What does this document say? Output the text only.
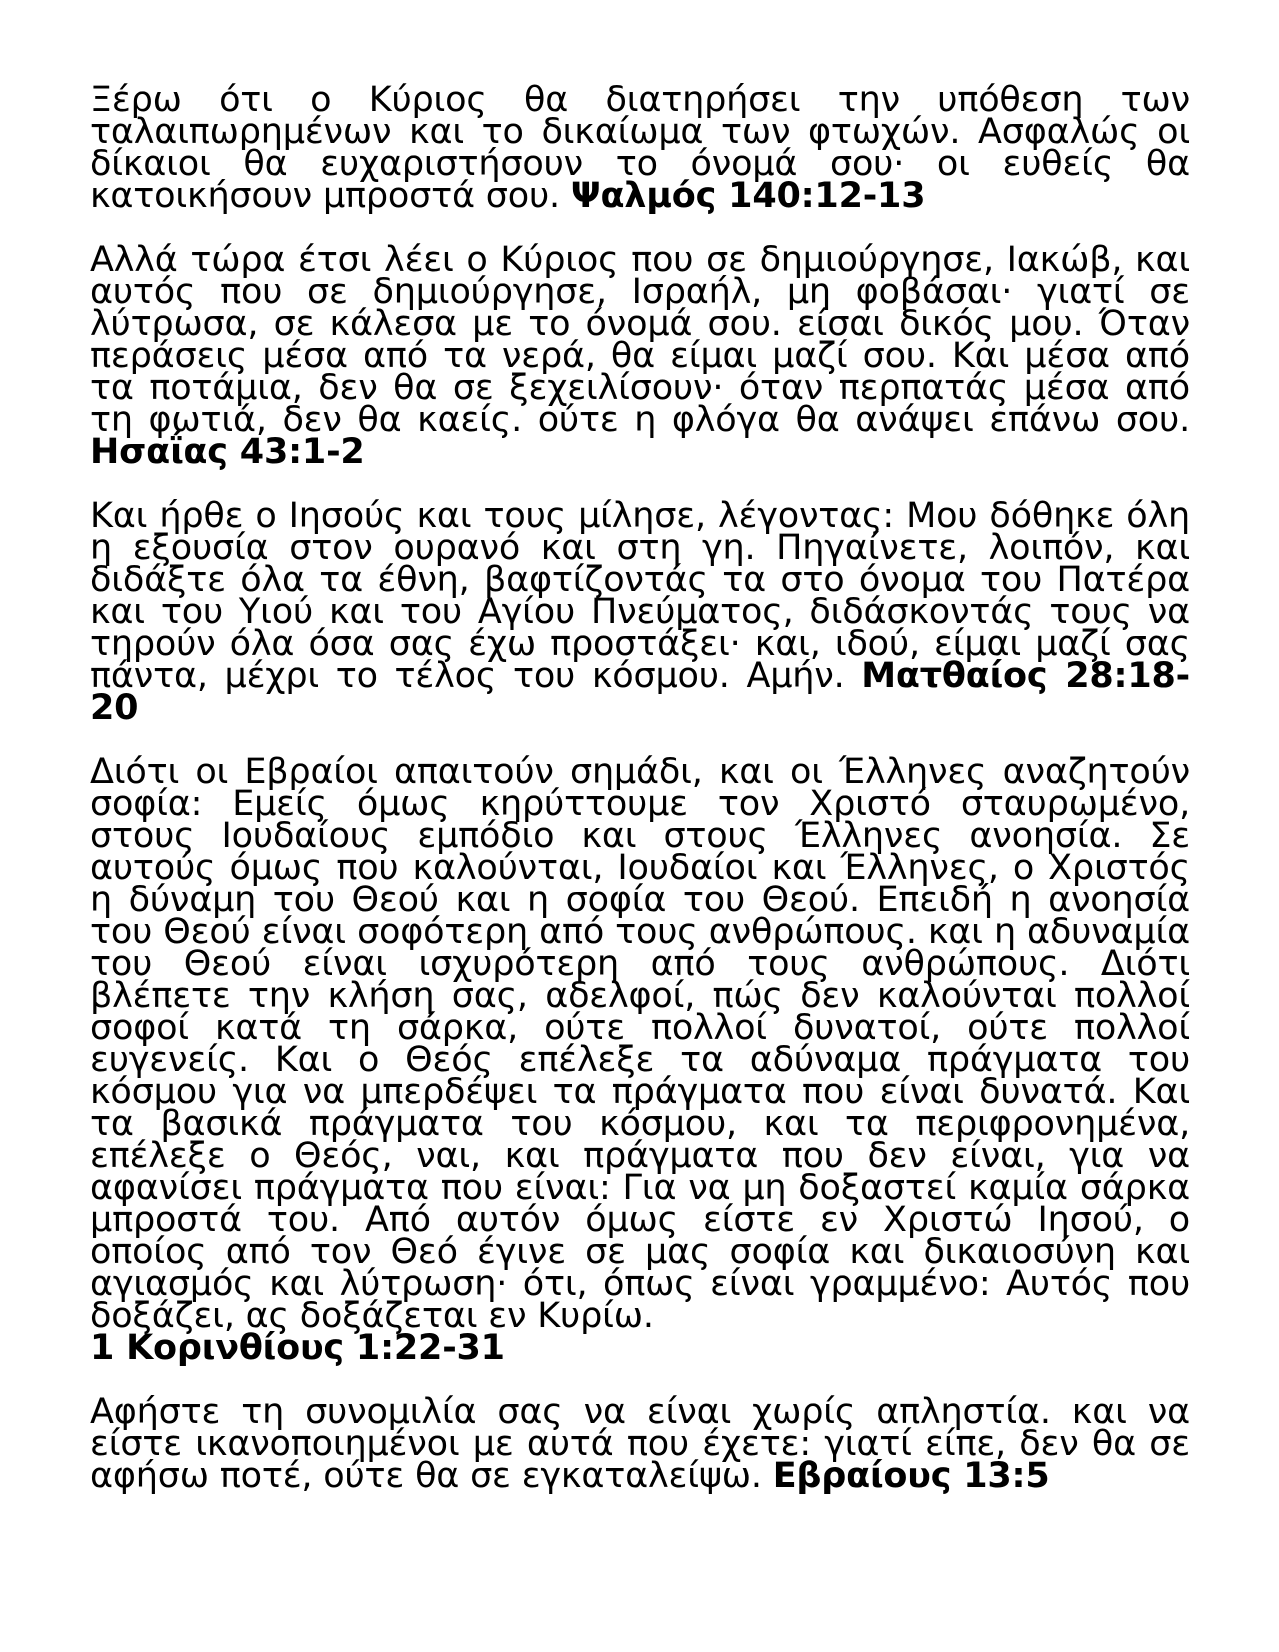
Ξέρω ότι ο Κύριος θα διατηρήσει την υπόθεση των ταλαιπωρημένων και το δικαίωμα των φτωχών. Ασφαλώς οι δίκαιοι θα ευχαριστήσουν το όνομά σου· οι ευθείς θα κατοικήσουν μπροστά σου. Ψαλμός 140:12-13

Αλλά τώρα έτσι λέει ο Κύριος που σε δημιούργησε, Ιακώβ, και αυτός που σε δημιούργησε, Ισραήλ, μη φοβάσαι· γιατί σε λύτρωσα, σε κάλεσα με το όνομά σου. είσαι δικός μου. Όταν περάσεις μέσα από τα νερά, θα είμαι μαζί σου. Και μέσα από τα ποτάμια, δεν θα σε ξεχειλίσουν· όταν περπατάς μέσα από τη φωτιά, δεν θα καείς. ούτε η φλόγα θα ανάψει επάνω σου. Ησαΐας 43:1-2

Και ήρθε ο Ιησούς και τους μίλησε, λέγοντας: Μου δόθηκε όλη η εξουσία στον ουρανό και στη γη. Πηγαίνετε, λοιπόν, και διδάξτε όλα τα έθνη, βαφτίζοντάς τα στο όνομα του Πατέρα και του Υιού και του Αγίου Πνεύματος, διδάσκοντάς τους να τηρούν όλα όσα σας έχω προστάξει· και, ιδού, είμαι μαζί σας πάντα, μέχρι το τέλος του κόσμου. Αμήν. Ματθαίος 28:18-20

Διότι οι Εβραίοι απαιτούν σημάδι, και οι Έλληνες αναζητούν σοφία: Εμείς όμως κηρύττουμε τον Χριστό σταυρωμένο, στους Ιουδαίους εμπόδιο και στους Έλληνες ανοησία. Σε αυτούς όμως που καλούνται, Ιουδαίοι και Έλληνες, ο Χριστός η δύναμη του Θεού και η σοφία του Θεού. Επειδή η ανοησία του Θεού είναι σοφότερη από τους ανθρώπους. και η αδυναμία του Θεού είναι ισχυρότερη από τους ανθρώπους. Διότι βλέπετε την κλήση σας, αδελφοί, πώς δεν καλούνται πολλοί σοφοί κατά τη σάρκα, ούτε πολλοί δυνατοί, ούτε πολλοί ευγενείς. Και ο Θεός επέλεξε τα αδύναμα πράγματα του κόσμου για να μπερδέψει τα πράγματα που είναι δυνατά. Και τα βασικά πράγματα του κόσμου, και τα περιφρονημένα, επέλεξε ο Θεός, ναι, και πράγματα που δεν είναι, για να αφανίσει πράγματα που είναι: Για να μη δοξαστεί καμία σάρκα μπροστά του. Από αυτόν όμως είστε εν Χριστώ Ιησού, ο οποίος από τον Θεό έγινε σε μας σοφία και δικαιοσύνη και αγιασμός και λύτρωση· ότι, όπως είναι γραμμένο: Αυτός που δοξάζει, ας δοξάζεται εν Κυρίω.
1 Κορινθίους 1:22-31

Αφήστε τη συνομιλία σας να είναι χωρίς απληστία. και να είστε ικανοποιημένοι με αυτά που έχετε: γιατί είπε, δεν θα σε αφήσω ποτέ, ούτε θα σε εγκαταλείψω. Εβραίους 13:5
